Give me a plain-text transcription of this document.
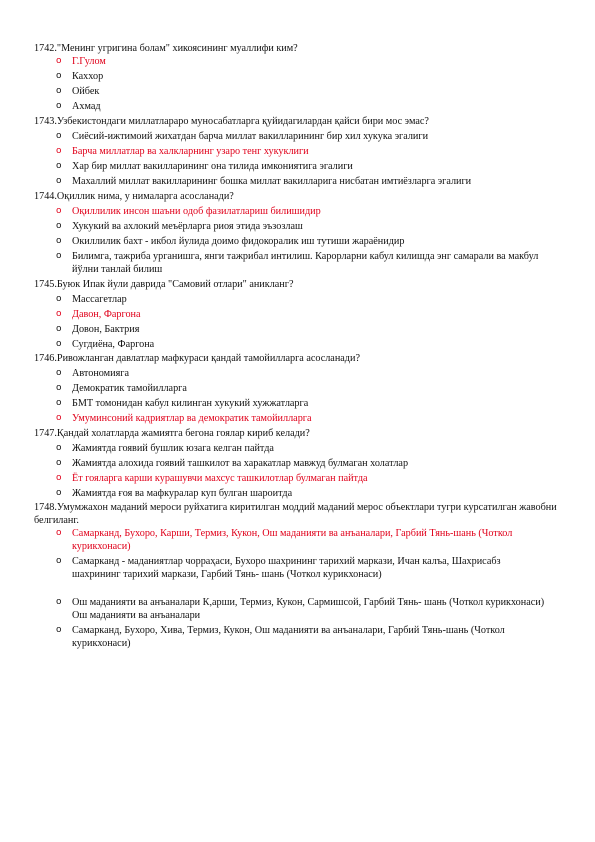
1742."Менинг угригина болам" хикоясининг муаллифи ким?
o	Г.Гулом
o	Каххор
o	Ойбек
o	Ахмад
1743.Узбекистондаги миллатлараро муносабатларга қуйидагилардан қайси бири мос эмас?
o	Сиёсий-ижтимоий жихатдан барча миллат вакилларининг бир хил хукука эгалиги
o	Барча миллатлар ва халкларнинг узаро тенг хукуклиги
o	Хар бир миллат вакилларининг она тилида имкониятига эгалиги
o	Махаллий миллат вакилларининг бошка миллат вакилларига нисбатан имтиёзларга эгалиги
1744.Оқиллик нима, у нималарга асосланади?
o	Оқиллилик инсон шаъни одоб фазилатлариш билишидир
o	Хукукий ва ахлокий меъёрларга риоя этида эъзозлаш
o	Окиллилик бахт - икбол йулида доимо фидокоралик иш тутиши жараёнидир
o	Билимга, тажриба урганишга, янги тажрибал интилиш. Карорларни кабул килишда энг самарали ва макбул йўлни танлай билиш
1745.Буюк Ипак йули даврида "Самовий отлари" аникланг?
o	Массагетлар
o	Давон, Фаргона
o	Довон, Бактрия
o	Сугдиёна, Фаргона
1746.Ривожланган давлатлар мафкураси қандай тамойилларга асосланади?
o	Автономияга
o	Демократик тамойилларга
o	БМТ томонидан кабул килинган хукукий хужжатларга
o	Умуминсоний кадриятлар ва демократик тамойилларга
1747.Қандай холатларда жамиятга бегона гоялар кириб келади?
o	Жамиятда гоявий бушлик юзага келган пайтда
o	Жамиятда алохида гоявий ташкилот ва харакатлар мавжуд булмаган холатлар
o	Ёт гояларга карши курашувчи махсус ташкилотлар булмаган пайтда
o	Жамиятда ғоя ва мафкуралар куп булган шароитда
1748.Умумжахон маданий мероси руйхатига киритилган моддий маданий мерос объектлари тугри курсатилган жавобни белгиланг.
o	Самарканд, Бухоро, Карши, Термиз, Кукон, Ош маданияти ва анъаналари, Гарбий Тянь-шань (Чоткол курикхонаси)
o	Самарканд - маданиятлар чорраҳаси, Бухоро шахрининг тарихий маркази, Ичан калъа, Шахрисабз шахрининг тарихий маркази, Гарбий Тянь- шань (Чоткол курикхонаси)
o	Ош маданияти ва анъаналари К,арши, Термиз, Кукон, Сармишсой, Гарбий Тянь- шань (Чоткол курикхонаси) Ош маданияти ва анъаналари
o	Самарканд, Бухоро, Хива, Термиз, Кукон, Ош маданияти ва анъаналари, Гарбий Тянь-шань (Чоткол курикхонаси)
